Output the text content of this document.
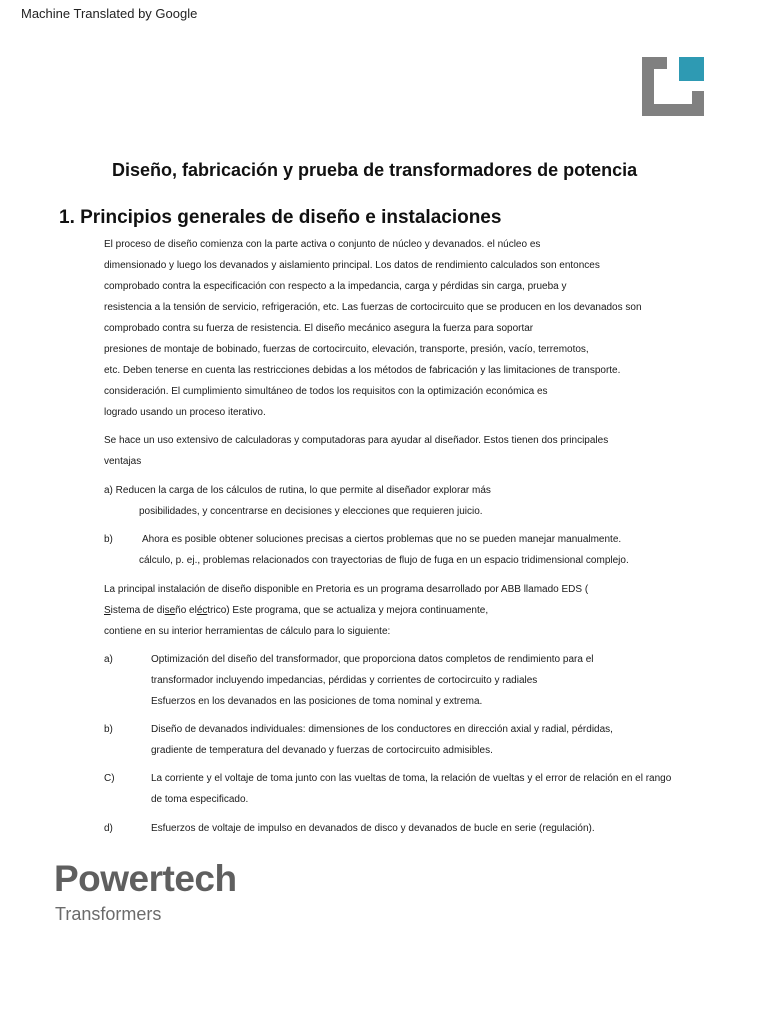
Machine Translated by Google
Diseño, fabricación y prueba de transformadores de potencia
1. Principios generales de diseño e instalaciones
El proceso de diseño comienza con la parte activa o conjunto de núcleo y devanados. el núcleo es
dimensionado y luego los devanados y aislamiento principal. Los datos de rendimiento calculados son entonces
comprobado contra la especificación con respecto a la impedancia, carga y pérdidas sin carga, prueba y
resistencia a la tensión de servicio, refrigeración, etc. Las fuerzas de cortocircuito que se producen en los devanados son
comprobado contra su fuerza de resistencia. El diseño mecánico asegura la fuerza para soportar
presiones de montaje de bobinado, fuerzas de cortocircuito, elevación, transporte, presión, vacío, terremotos,
etc. Deben tenerse en cuenta las restricciones debidas a los métodos de fabricación y las limitaciones de transporte.
consideración. El cumplimiento simultáneo de todos los requisitos con la optimización económica es
logrado usando un proceso iterativo.
Se hace un uso extensivo de calculadoras y computadoras para ayudar al diseñador. Estos tienen dos principales
ventajas
a) Reducen la carga de los cálculos de rutina, lo que permite al diseñador explorar más
posibilidades, y concentrarse en decisiones y elecciones que requieren juicio.
b)	Ahora es posible obtener soluciones precisas a ciertos problemas que no se pueden manejar manualmente.
cálculo, p. ej., problemas relacionados con trayectorias de flujo de fuga en un espacio tridimensional complejo.
La principal instalación de diseño disponible en Pretoria es un programa desarrollado por ABB llamado EDS (
Sistema de diseño eléctrico) Este programa, que se actualiza y mejora continuamente,
contiene en su interior herramientas de cálculo para lo siguiente:
a)	Optimización del diseño del transformador, que proporciona datos completos de rendimiento para el
transformador incluyendo impedancias, pérdidas y corrientes de cortocircuito y radiales
Esfuerzos en los devanados en las posiciones de toma nominal y extrema.
b)	Diseño de devanados individuales: dimensiones de los conductores en dirección axial y radial, pérdidas,
gradiente de temperatura del devanado y fuerzas de cortocircuito admisibles.
C)	La corriente y el voltaje de toma junto con las vueltas de toma, la relación de vueltas y el error de relación en el rango
de toma especificado.
d)	Esfuerzos de voltaje de impulso en devanados de disco y devanados de bucle en serie (regulación).
Powertech
Transformers
